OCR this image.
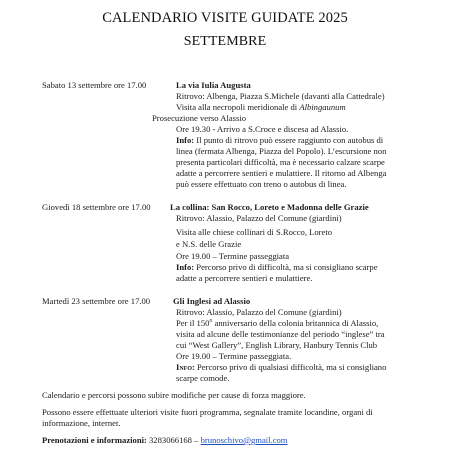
CALENDARIO VISITE GUIDATE 2025
SETTEMBRE
Sabato 13 settembre ore 17.00	La via Iulia Augusta
Ritrovo: Albenga, Piazza S.Michele (davanti alla Cattedrale)
Visita alla necropoli meridionale di Albingaunum
Prosecuzione verso Alassio
Ore 19.30 - Arrivo a S.Croce e discesa ad Alassio.
Info: Il punto di ritrovo può essere raggiunto con autobus di
linea (fermata Albenga, Piazza del Popolo). L’escursione non
presenta particolari difficoltà, ma è necessario calzare scarpe
adatte a percorrere sentieri e mulattiere. Il ritorno ad Albenga
può essere effettuato con treno o autobus di linea.
Giovedì 18 settembre ore 17.00 La collina: San Rocco, Loreto e Madonna delle Grazie
Ritrovo: Alassio, Palazzo del Comune (giardini)
Visita alle chiese collinari di S.Rocco, Loreto
e N.S. delle Grazie
Ore 19.00 – Termine passeggiata
Info: Percorso privo di difficoltà, ma si consigliano scarpe
adatte a percorrere sentieri e mulattiere.
Martedì 23 settembre ore 17.00	Gli Inglesi ad Alassio
Ritrovo: Alassio, Palazzo del Comune (giardini)
Per il 150$^o$ anniversario della colonia britannica di Alassio,
visita ad alcune delle testimonianze del periodo “inglese” tra
cui “West Gallery”, English Library, Hanbury Tennis Club
Ore 19.00 – Termine passeggiata.
Info: Percorso privo di qualsiasi difficoltà, ma si consigliano
scarpe comode.
Calendario e percorsi possono subire modifiche per cause di forza maggiore.
Possono essere effettuate ulteriori visite fuori programma, segnalate tramite locandine, organi di
informazione, internet.
Prenotazioni e informazioni: 3283066168 – brunoschivo@gmail.com
